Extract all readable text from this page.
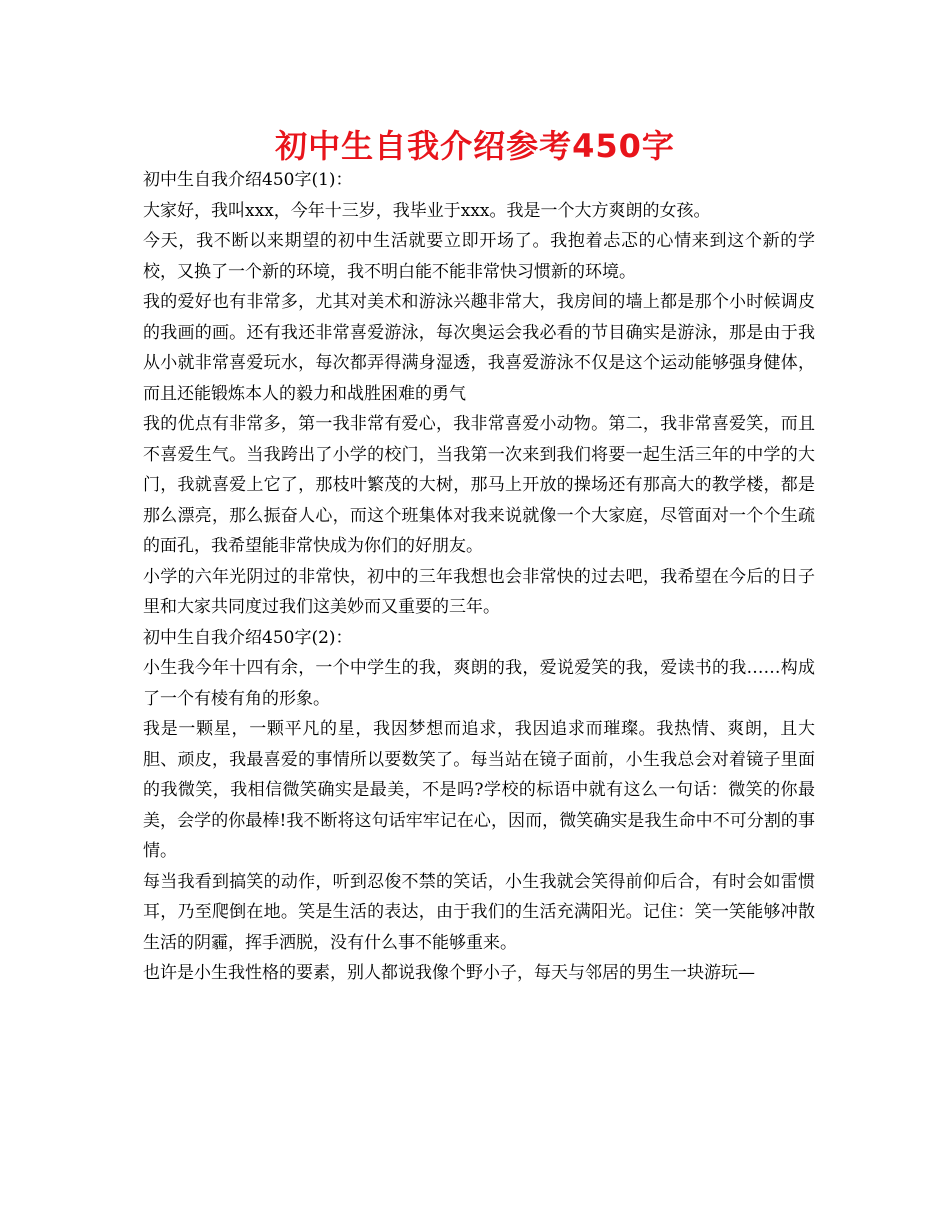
初中生自我介绍参考450字

初中生自我介绍450字(1)：

大家好，我叫xxx，今年十三岁，我毕业于xxx。我是一个大方爽朗的女孩。

今天，我不断以来期望的初中生活就要立即开场了。我抱着忐忑的心情来到这个新的学校，又换了一个新的环境，我不明白能不能非常快习惯新的环境。

我的爱好也有非常多，尤其对美术和游泳兴趣非常大，我房间的墙上都是那个小时候调皮的我画的画。还有我还非常喜爱游泳，每次奥运会我必看的节目确实是游泳，那是由于我从小就非常喜爱玩水，每次都弄得满身湿透，我喜爱游泳不仅是这个运动能够强身健体，而且还能锻炼本人的毅力和战胜困难的勇气

我的优点有非常多，第一我非常有爱心，我非常喜爱小动物。第二，我非常喜爱笑，而且不喜爱生气。当我跨出了小学的校门，当我第一次来到我们将要一起生活三年的中学的大门，我就喜爱上它了，那枝叶繁茂的大树，那马上开放的操场还有那高大的教学楼，都是那么漂亮，那么振奋人心，而这个班集体对我来说就像一个大家庭，尽管面对一个个生疏的面孔，我希望能非常快成为你们的好朋友。

小学的六年光阴过的非常快，初中的三年我想也会非常快的过去吧，我希望在今后的日子里和大家共同度过我们这美妙而又重要的三年。

初中生自我介绍450字(2)：

小生我今年十四有余，一个中学生的我，爽朗的我，爱说爱笑的我，爱读书的我……构成了一个有棱有角的形象。

我是一颗星，一颗平凡的星，我因梦想而追求，我因追求而璀璨。我热情、爽朗，且大胆、顽皮，我最喜爱的事情所以要数笑了。每当站在镜子面前，小生我总会对着镜子里面的我微笑，我相信微笑确实是最美，不是吗?学校的标语中就有这么一句话：微笑的你最美，会学的你最棒!我不断将这句话牢牢记在心，因而，微笑确实是我生命中不可分割的事情。

每当我看到搞笑的动作，听到忍俊不禁的笑话，小生我就会笑得前仰后合，有时会如雷惯耳，乃至爬倒在地。笑是生活的表达，由于我们的生活充满阳光。记住：笑一笑能够冲散生活的阴霾，挥手洒脱，没有什么事不能够重来。

也许是小生我性格的要素，别人都说我像个野小子，每天与邻居的男生一块游玩—
